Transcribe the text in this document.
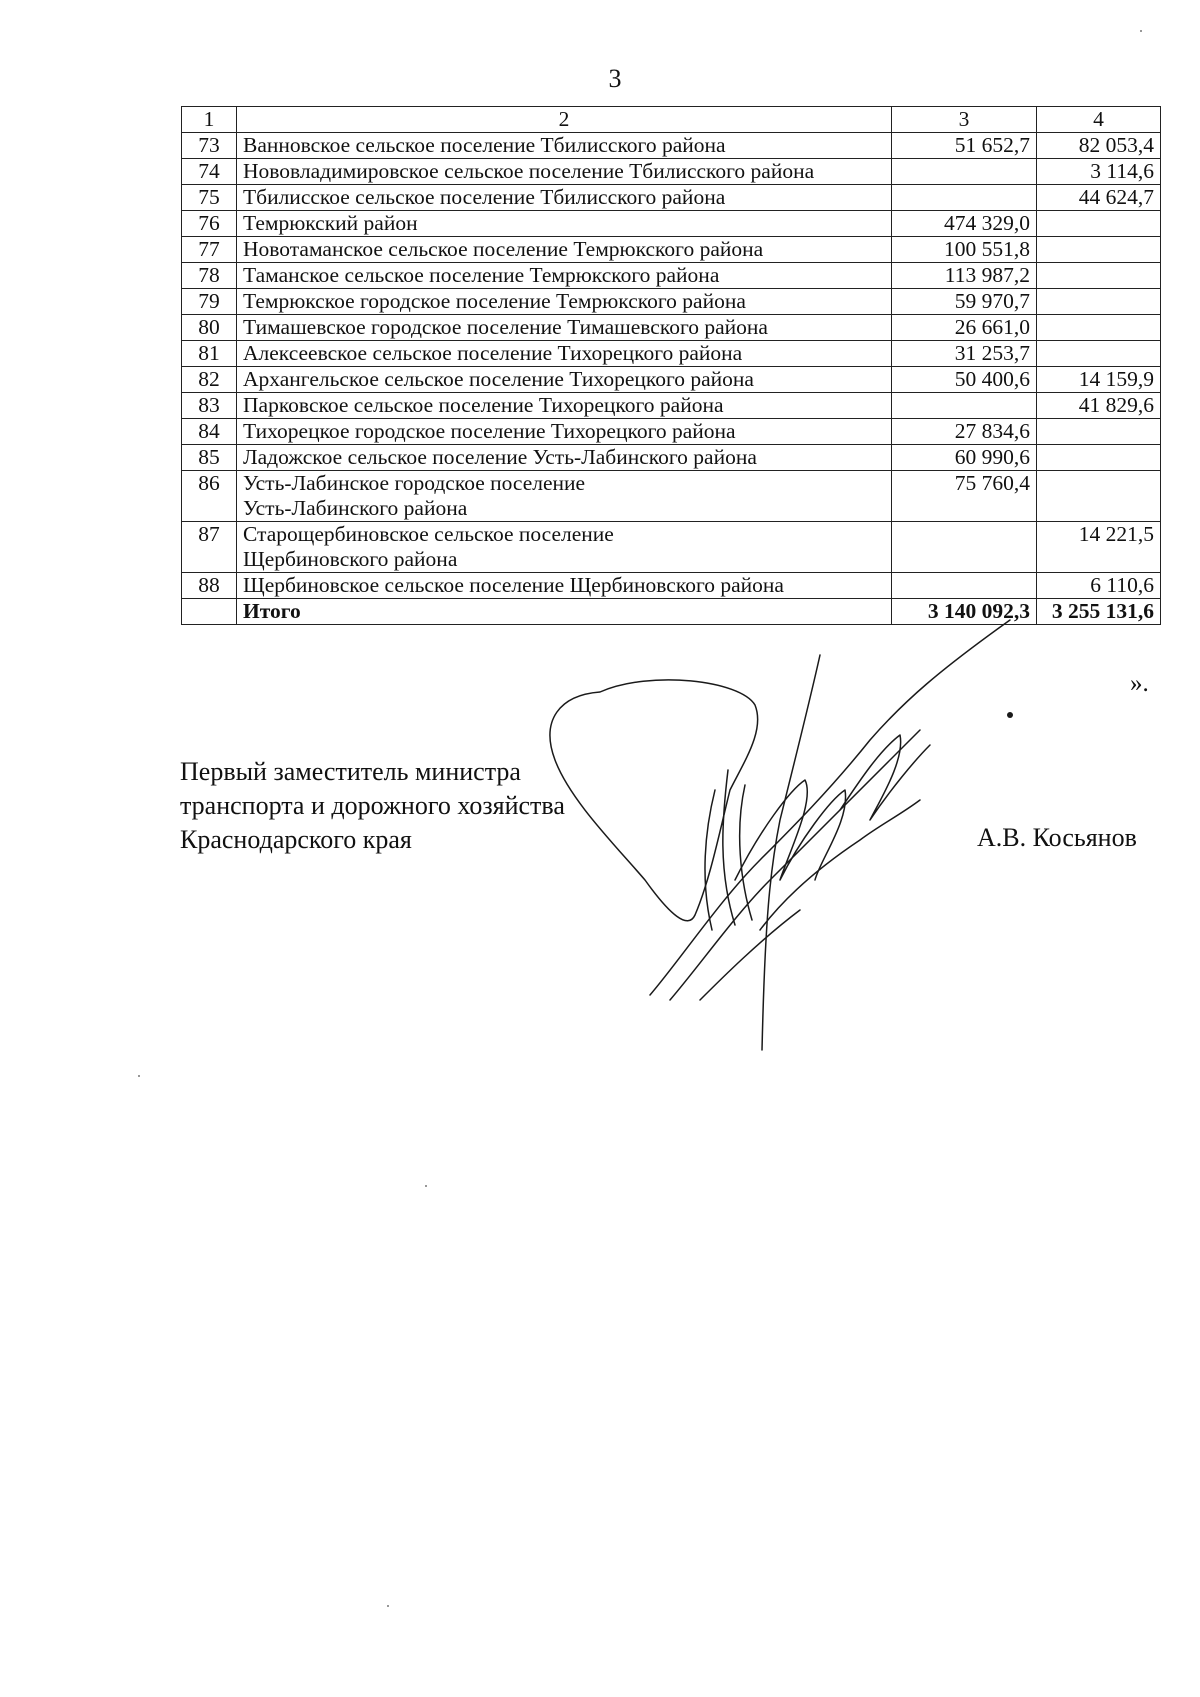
3
1	2	3	4
73	Ванновское сельское поселение Тбилисского района	51 652,7	82 053,4
74	Нововладимировское сельское поселение Тбилисского района		3 114,6
75	Тбилисское сельское поселение Тбилисского района		44 624,7
76	Темрюкский район	474 329,0	
77	Новотаманское сельское поселение Темрюкского района	100 551,8	
78	Таманское сельское поселение Темрюкского района	113 987,2	
79	Темрюкское городское поселение Темрюкского района	59 970,7	
80	Тимашевское городское поселение Тимашевского района	26 661,0	
81	Алексеевское сельское поселение Тихорецкого района	31 253,7	
82	Архангельское сельское поселение Тихорецкого района	50 400,6	14 159,9
83	Парковское сельское поселение Тихорецкого района		41 829,6
84	Тихорецкое городское поселение Тихорецкого района	27 834,6	
85	Ладожское сельское поселение Усть-Лабинского района	60 990,6	
86	Усть-Лабинское городское поселение
Усть-Лабинского района	75 760,4	
87	Старощербиновское сельское поселение
Щербиновского района		14 221,5
88	Щербиновское сельское поселение Щербиновского района		6 110,6
	Итого	3 140 092,3	3 255 131,6
».
Первый заместитель министра
транспорта и дорожного хозяйства
Краснодарского края	А.В. Косьянов
